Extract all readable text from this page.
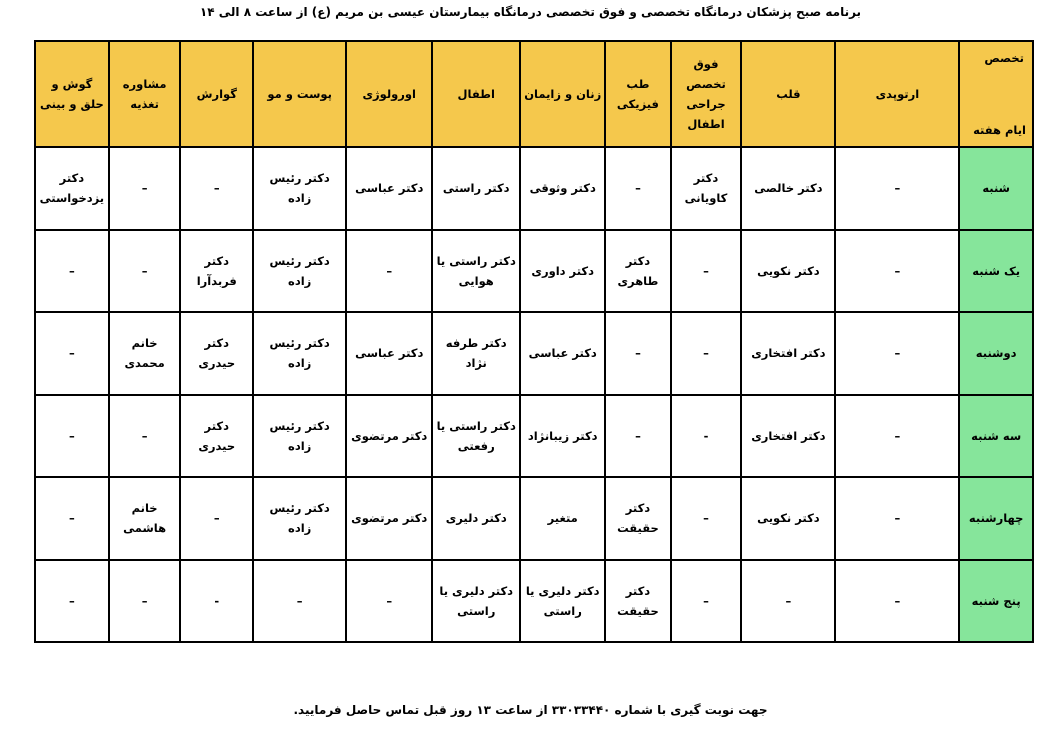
برنامه صبح پزشکان درمانگاه تخصصی و فوق تخصصی درمانگاه بیمارستان عیسی بن مریم (ع) از ساعت ۸ الی ۱۴
تخصص
ایام هفته	ارتوپدی	قلب	فوق تخصص جراحی اطفال	طب فیزیکی	زنان و زایمان	اطفال	اورولوژی	پوست و مو	گوارش	مشاوره تغذیه	گوش و حلق و بینی
شنبه	–	دکتر خالصی	دکتر کاویانی	–	دکتر وثوقی	دکتر راستی	دکتر عباسی	دکتر رئیس زاده	–	–	دکتر یزدخواستی
یک شنبه	–	دکتر نکویی	–	دکتر طاهری	دکتر داوری	دکتر راستی یا هوایی	–	دکتر رئیس زاده	دکتر فربدآرا	–	–
دوشنبه	–	دکتر افتخاری	–	–	دکتر عباسی	دکتر طرفه نژاد	دکتر عباسی	دکتر رئیس زاده	دکتر حیدری	خانم محمدی	–
سه شنبه	–	دکتر افتخاری	-	–	دکتر زیبانژاد	دکتر راستی یا رفعتی	دکتر مرتضوی	دکتر رئیس زاده	دکتر حیدری	–	–
چهارشنبه	–	دکتر نکویی	–	دکتر حقیقت	متغیر	دکتر دلیری	دکتر مرتضوی	دکتر رئیس زاده	–	خانم هاشمی	–
پنج شنبه	–	–	–	دکتر حقیقت	دکتر دلیری یا راستی	دکتر دلیری یا راستی	–	–	-	–	–
جهت نوبت گیری با شماره ۳۳۰۳۳۴۴۰ از ساعت ۱۳ روز قبل تماس حاصل فرمایید.
